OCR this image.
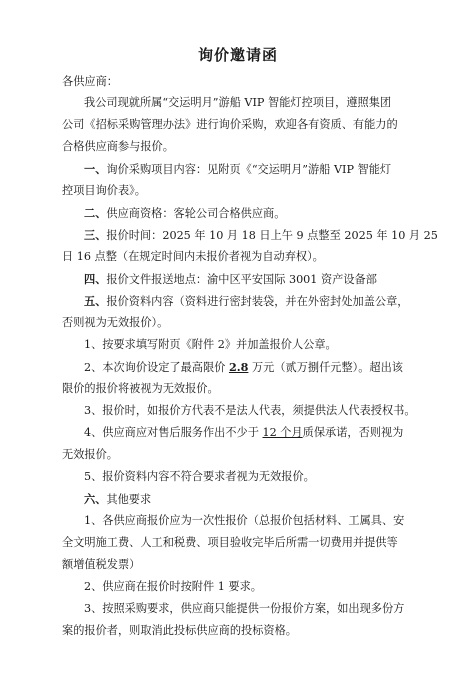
询价邀请函
各供应商：
我公司现就所属“交运明月”游船 VIP 智能灯控项目，遵照集团
公司《招标采购管理办法》进行询价采购，欢迎各有资质、有能力的
合格供应商参与报价。
一、询价采购项目内容：见附页《“交运明月”游船 VIP 智能灯
控项目询价表》。
二、供应商资格：客轮公司合格供应商。
三、报价时间：2025 年 10 月 18 日上午 9 点整至 2025 年 10 月 25
日 16 点整（在规定时间内未报价者视为自动弃权）。
四、报价文件报送地点：渝中区平安国际 3001 资产设备部
五、报价资料内容（资料进行密封装袋，并在外密封处加盖公章，
否则视为无效报价）。
1、按要求填写附页《附件 2》并加盖报价人公章。
2、本次询价设定了最高限价 2.8 万元（贰万捌仟元整）。超出该
限价的报价将被视为无效报价。
3、报价时，如报价方代表不是法人代表，须提供法人代表授权书。
4、供应商应对售后服务作出不少于 12 个月质保承诺，否则视为
无效报价。
5、报价资料内容不符合要求者视为无效报价。
六、其他要求
1、各供应商报价应为一次性报价（总报价包括材料、工属具、安
全文明施工费、人工和税费、项目验收完毕后所需一切费用并提供等
额增值税发票）
2、供应商在报价时按附件 1 要求。
3、按照采购要求，供应商只能提供一份报价方案，如出现多份方
案的报价者，则取消此投标供应商的投标资格。
